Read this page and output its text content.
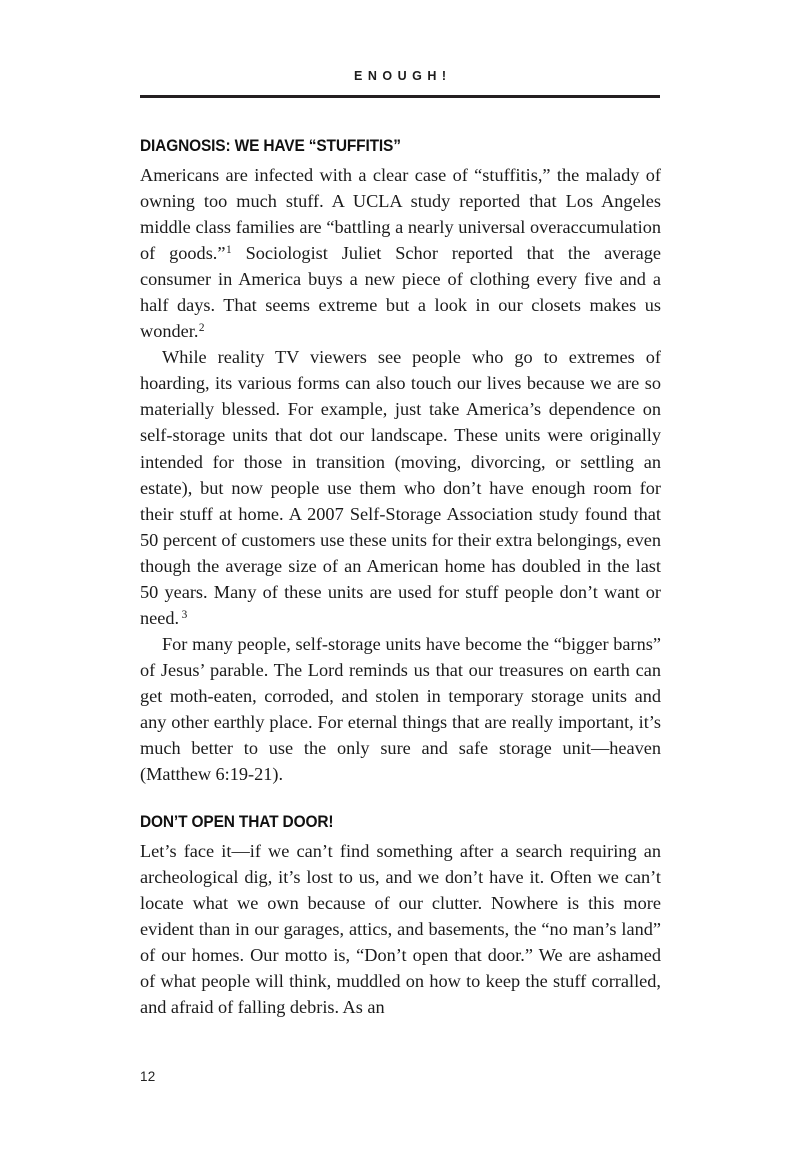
ENOUGH!
DIAGNOSIS: WE HAVE “STUFFITIS”

Americans are infected with a clear case of “stuffitis,” the malady of owning too much stuff. A UCLA study reported that Los Angeles middle class families are “battling a nearly universal overaccumulation of goods.”$^1$ Sociologist Juliet Schor reported that the average consumer in America buys a new piece of clothing every five and a half days. That seems extreme but a look in our closets makes us wonder.$^2$

While reality TV viewers see people who go to extremes of hoarding, its various forms can also touch our lives because we are so materially blessed. For example, just take America’s dependence on self-storage units that dot our landscape. These units were originally intended for those in transition (moving, divorcing, or settling an estate), but now people use them who don’t have enough room for their stuff at home. A 2007 Self-Storage Association study found that 50 percent of customers use these units for their extra belongings, even though the average size of an American home has doubled in the last 50 years. Many of these units are used for stuff people don’t want or need. $^3$

For many people, self-storage units have become the “bigger barns” of Jesus’ parable. The Lord reminds us that our treasures on earth can get moth-eaten, corroded, and stolen in temporary storage units and any other earthly place. For eternal things that are really important, it’s much better to use the only sure and safe storage unit—heaven (Matthew 6:19-21).

DON’T OPEN THAT DOOR!

Let’s face it—if we can’t find something after a search requiring an archeological dig, it’s lost to us, and we don’t have it. Often we can’t locate what we own because of our clutter. Nowhere is this more evident than in our garages, attics, and basements, the “no man’s land” of our homes. Our motto is, “Don’t open that door.” We are ashamed of what people will think, muddled on how to keep the stuff corralled, and afraid of falling debris. As an

12
